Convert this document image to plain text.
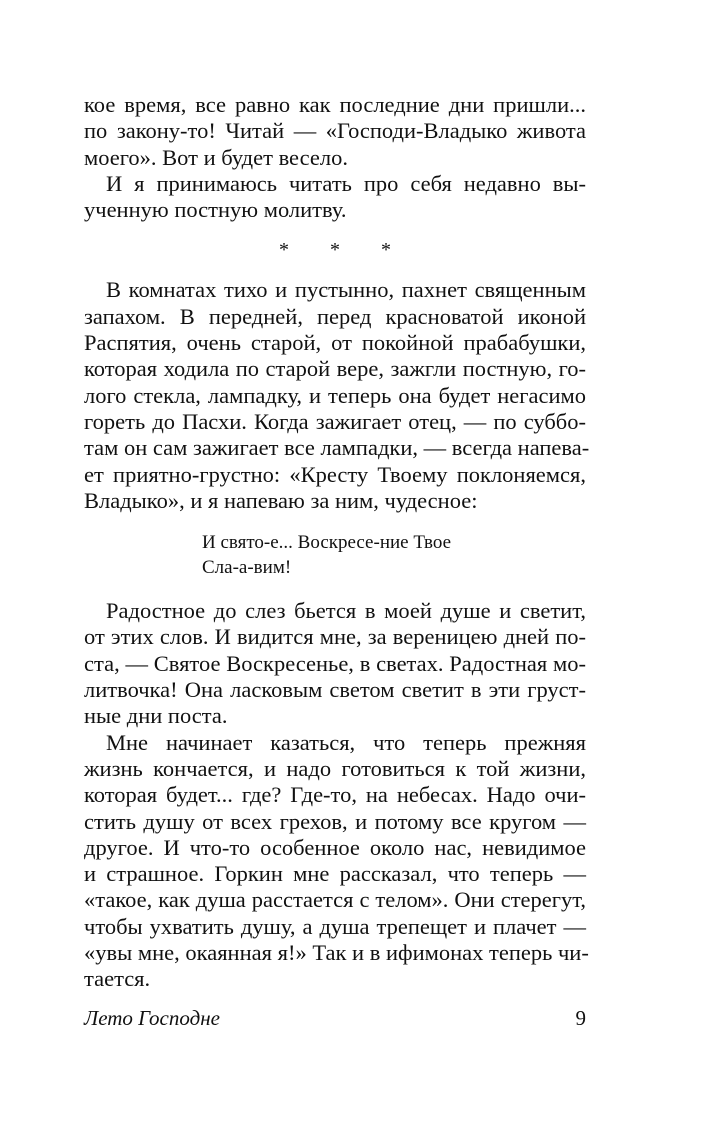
кое время, все равно как последние дни пришли...
по закону-то! Читай — «Господи-Владыко живота
моего». Вот и будет весело.
И я принимаюсь читать про себя недавно вы-
ученную постную молитву.
* * *
В комнатах тихо и пустынно, пахнет священным
запахом. В передней, перед красноватой иконой
Распятия, очень старой, от покойной прабабушки,
которая ходила по старой вере, зажгли постную, го-
лого стекла, лампадку, и теперь она будет негасимо
гореть до Пасхи. Когда зажигает отец, — по суббо-
там он сам зажигает все лампадки, — всегда напева-
ет приятно-грустно: «Кресту Твоему поклоняемся,
Владыко», и я напеваю за ним, чудесное:
И свято-е... Воскресе-ние Твое
Сла-а-вим!
Радостное до слез бьется в моей душе и светит,
от этих слов. И видится мне, за вереницею дней по-
ста, — Святое Воскресенье, в светах. Радостная мо-
литвочка! Она ласковым светом светит в эти груст-
ные дни поста.
Мне начинает казаться, что теперь прежняя
жизнь кончается, и надо готовиться к той жизни,
которая будет... где? Где-то, на небесах. Надо очи-
стить душу от всех грехов, и потому все кругом —
другое. И что-то особенное около нас, невидимое
и страшное. Горкин мне рассказал, что теперь —
«такое, как душа расстается с телом». Они стерегут,
чтобы ухватить душу, а душа трепещет и плачет —
«увы мне, окаянная я!» Так и в ифимонах теперь чи-
тается.
Лето Господне	9
